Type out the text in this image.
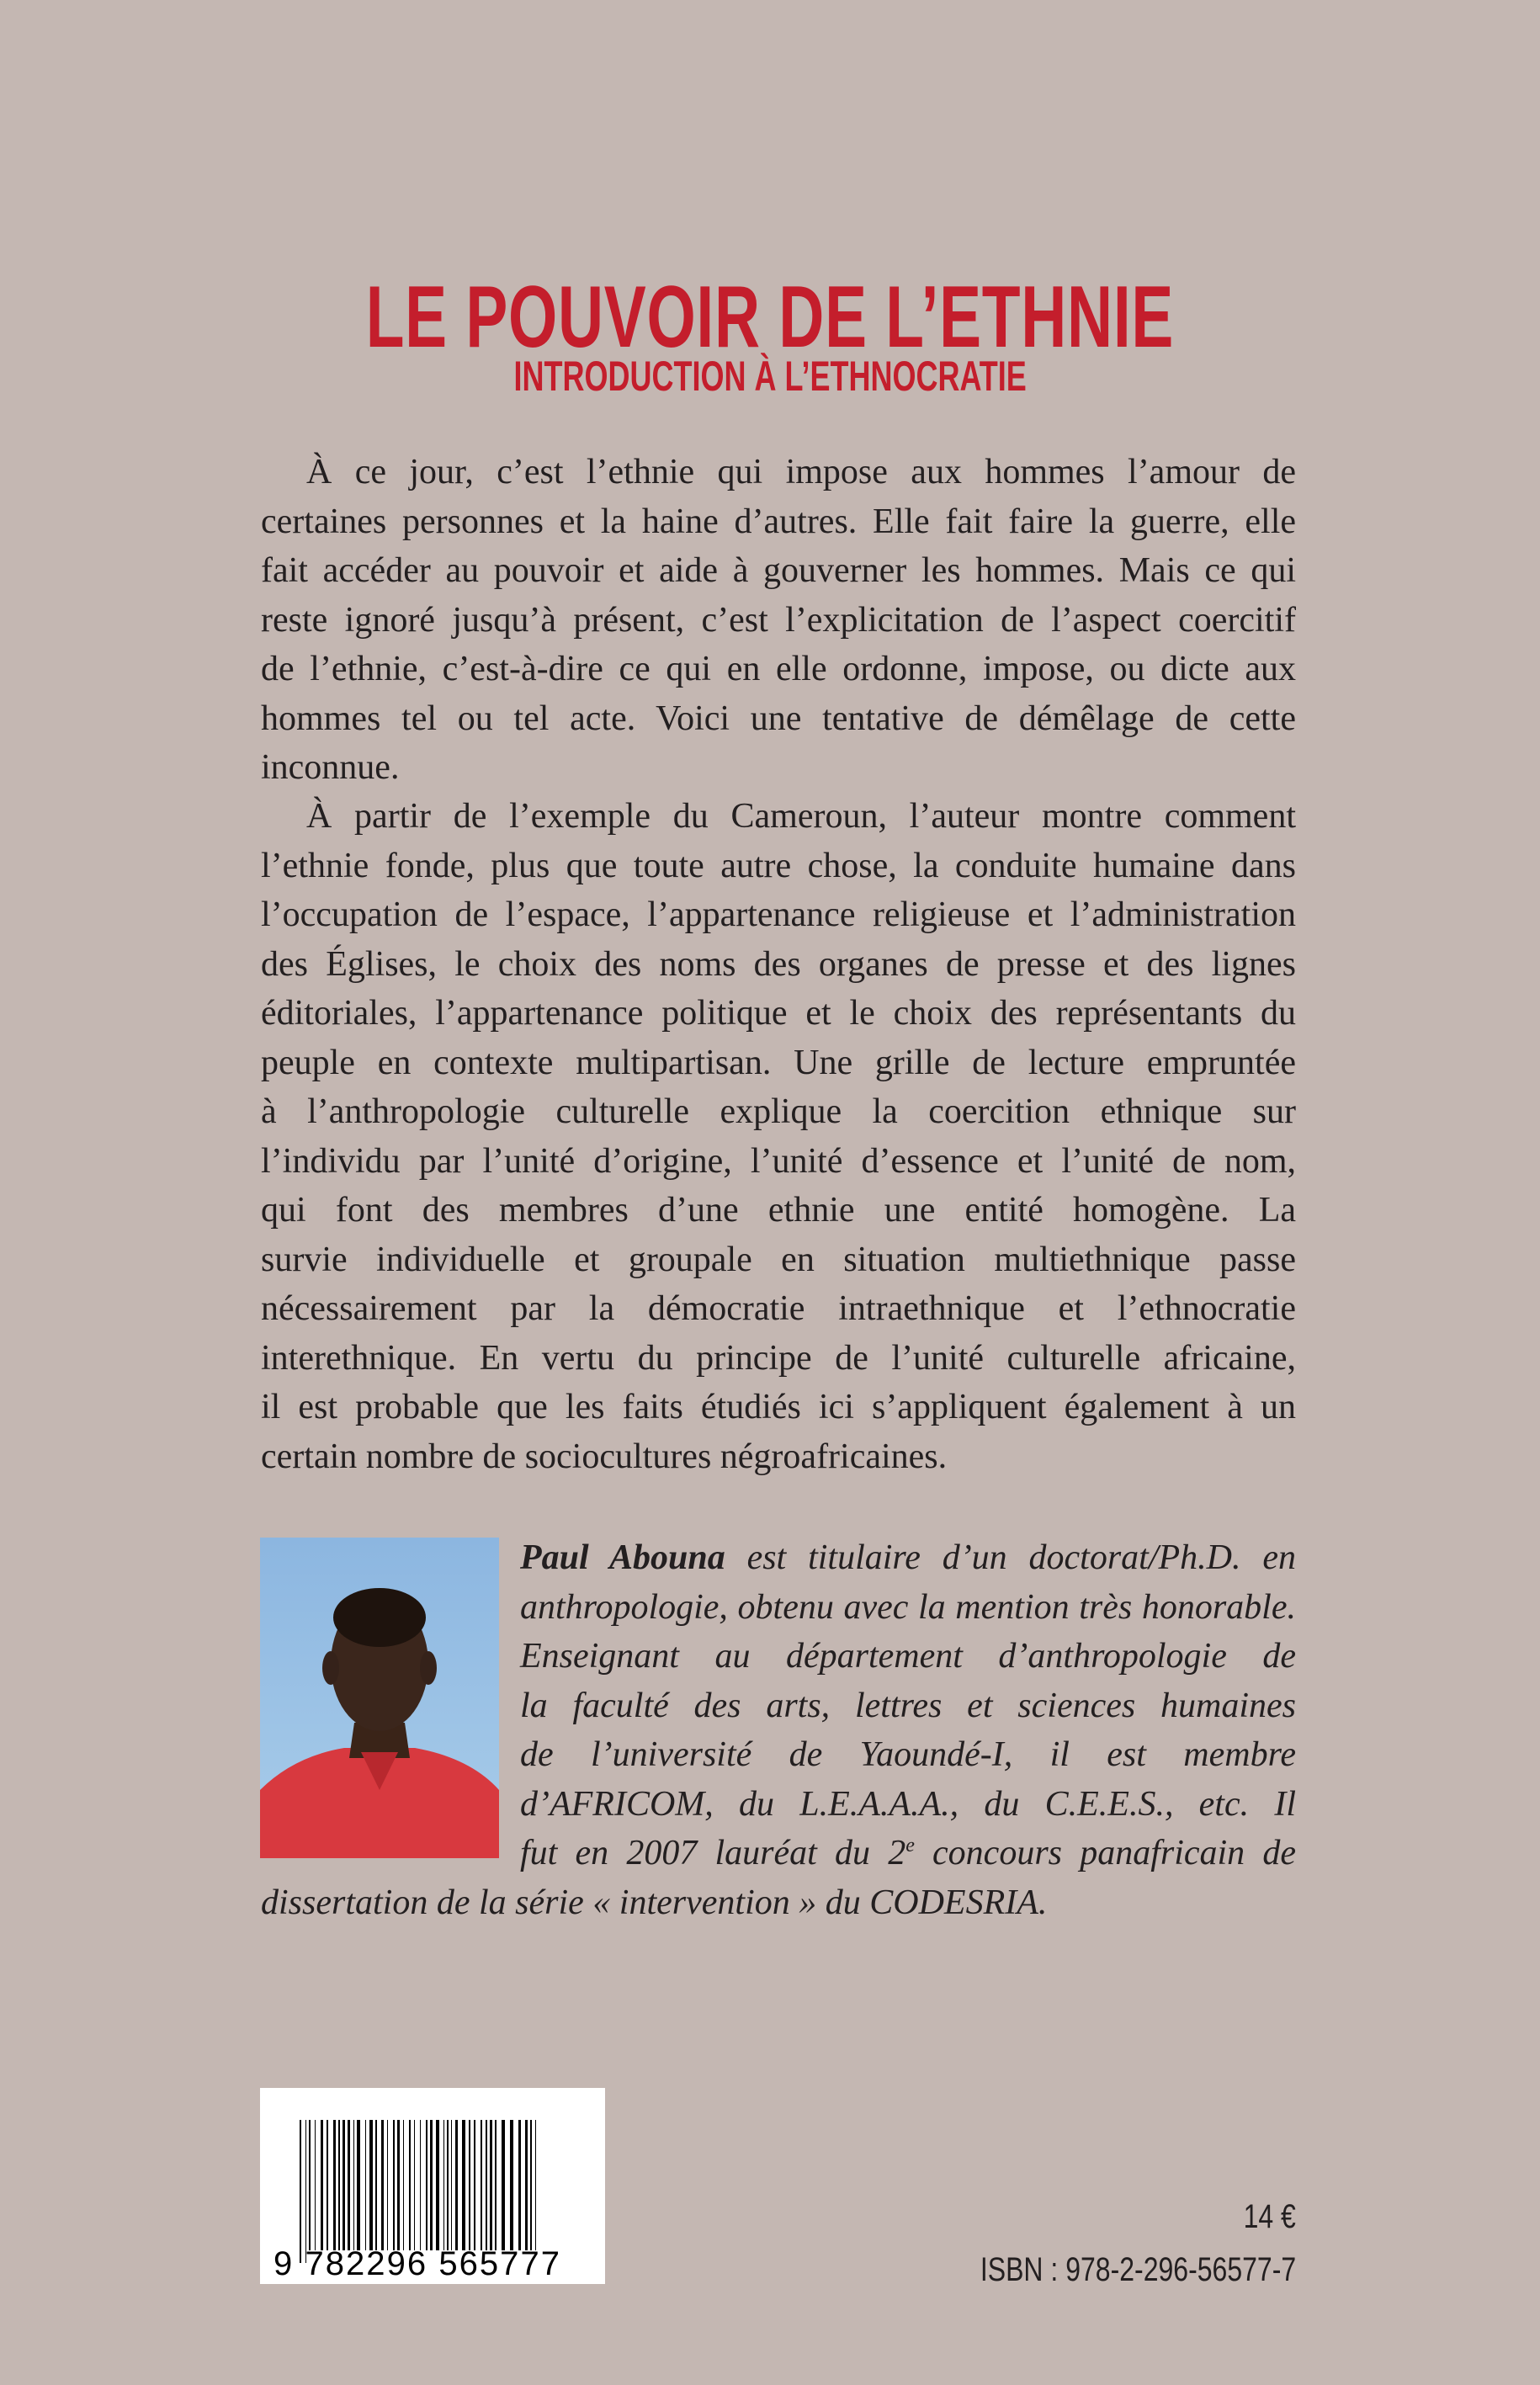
LE POUVOIR DE L’ETHNIE
INTRODUCTION À L’ETHNOCRATIE
À ce jour, c’est l’ethnie qui impose aux hommes l’amour de
certaines personnes et la haine d’autres. Elle fait faire la guerre, elle
fait accéder au pouvoir et aide à gouverner les hommes. Mais ce qui
reste ignoré jusqu’à présent, c’est l’explicitation de l’aspect coercitif
de l’ethnie, c’est-à-dire ce qui en elle ordonne, impose, ou dicte aux
hommes tel ou tel acte. Voici une tentative de démêlage de cette
inconnue.
À partir de l’exemple du Cameroun, l’auteur montre comment
l’ethnie fonde, plus que toute autre chose, la conduite humaine dans
l’occupation de l’espace, l’appartenance religieuse et l’administration
des Églises, le choix des noms des organes de presse et des lignes
éditoriales, l’appartenance politique et le choix des représentants du
peuple en contexte multipartisan. Une grille de lecture empruntée
à l’anthropologie culturelle explique la coercition ethnique sur
l’individu par l’unité d’origine, l’unité d’essence et l’unité de nom,
qui font des membres d’une ethnie une entité homogène. La
survie individuelle et groupale en situation multiethnique passe
nécessairement par la démocratie intraethnique et l’ethnocratie
interethnique. En vertu du principe de l’unité culturelle africaine,
il est probable que les faits étudiés ici s’appliquent également à un
certain nombre de sociocultures négroafricaines.
Paul Abouna est titulaire d’un doctorat/Ph.D. en
anthropologie, obtenu avec la mention très honorable.
Enseignant au département d’anthropologie de
la faculté des arts, lettres et sciences humaines
de l’université de Yaoundé-I, il est membre
d’AFRICOM, du L.E.A.A.A., du C.E.E.S., etc. Il
fut en 2007 lauréat du 2e concours panafricain de
dissertation de la série « intervention » du CODESRIA.
9 782296 565777
14 €
ISBN : 978-2-296-56577-7
